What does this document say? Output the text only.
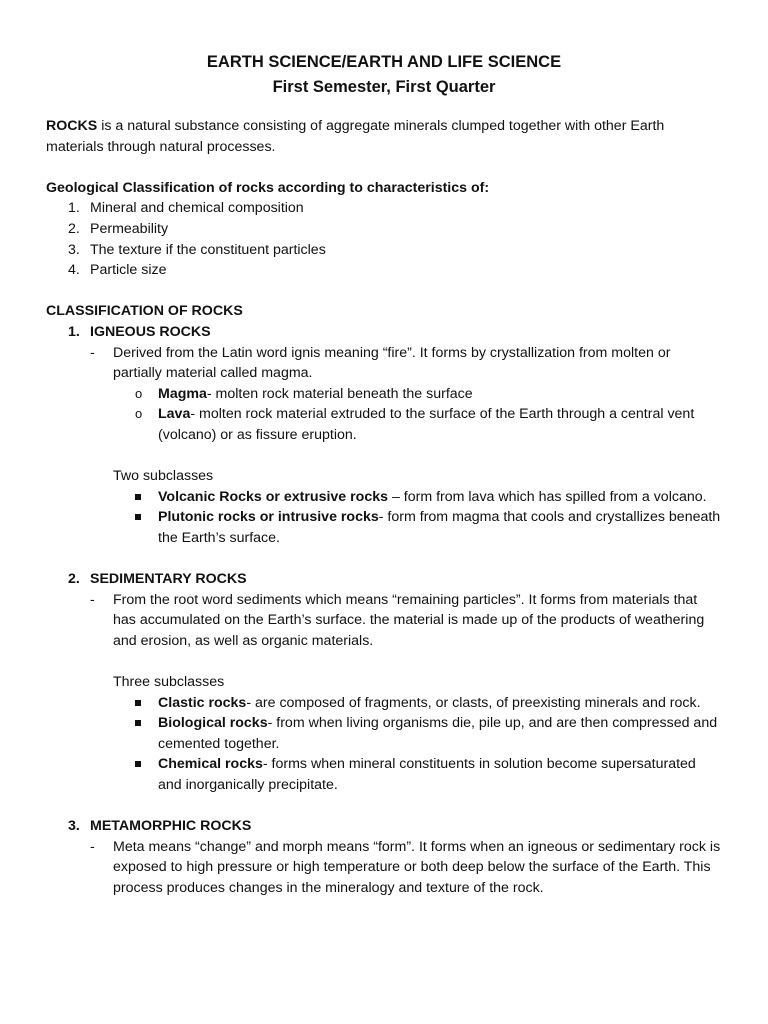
EARTH SCIENCE/EARTH AND LIFE SCIENCE
First Semester, First Quarter

ROCKS is a natural substance consisting of aggregate minerals clumped together with other Earth materials through natural processes.

Geological Classification of rocks according to characteristics of:

1. Mineral and chemical composition
2. Permeability
3. The texture if the constituent particles
4. Particle size

CLASSIFICATION OF ROCKS

1. IGNEOUS ROCKS
- Derived from the Latin word ignis meaning “fire”. It forms by crystallization from molten or partially material called magma.
o Magma- molten rock material beneath the surface
o Lava- molten rock material extruded to the surface of the Earth through a central vent (volcano) or as fissure eruption.

Two subclasses

Volcanic Rocks or extrusive rocks – form from lava which has spilled from a volcano.
Plutonic rocks or intrusive rocks- form from magma that cools and crystallizes beneath the Earth’s surface.
2. SEDIMENTARY ROCKS
- From the root word sediments which means “remaining particles”. It forms from materials that has accumulated on the Earth’s surface. the material is made up of the products of weathering and erosion, as well as organic materials.

Three subclasses

Clastic rocks- are composed of fragments, or clasts, of preexisting minerals and rock.
Biological rocks- from when living organisms die, pile up, and are then compressed and cemented together.
Chemical rocks- forms when mineral constituents in solution become supersaturated and inorganically precipitate.
3. METAMORPHIC ROCKS
- Meta means “change” and morph means “form”. It forms when an igneous or sedimentary rock is exposed to high pressure or high temperature or both deep below the surface of the Earth. This process produces changes in the mineralogy and texture of the rock.
